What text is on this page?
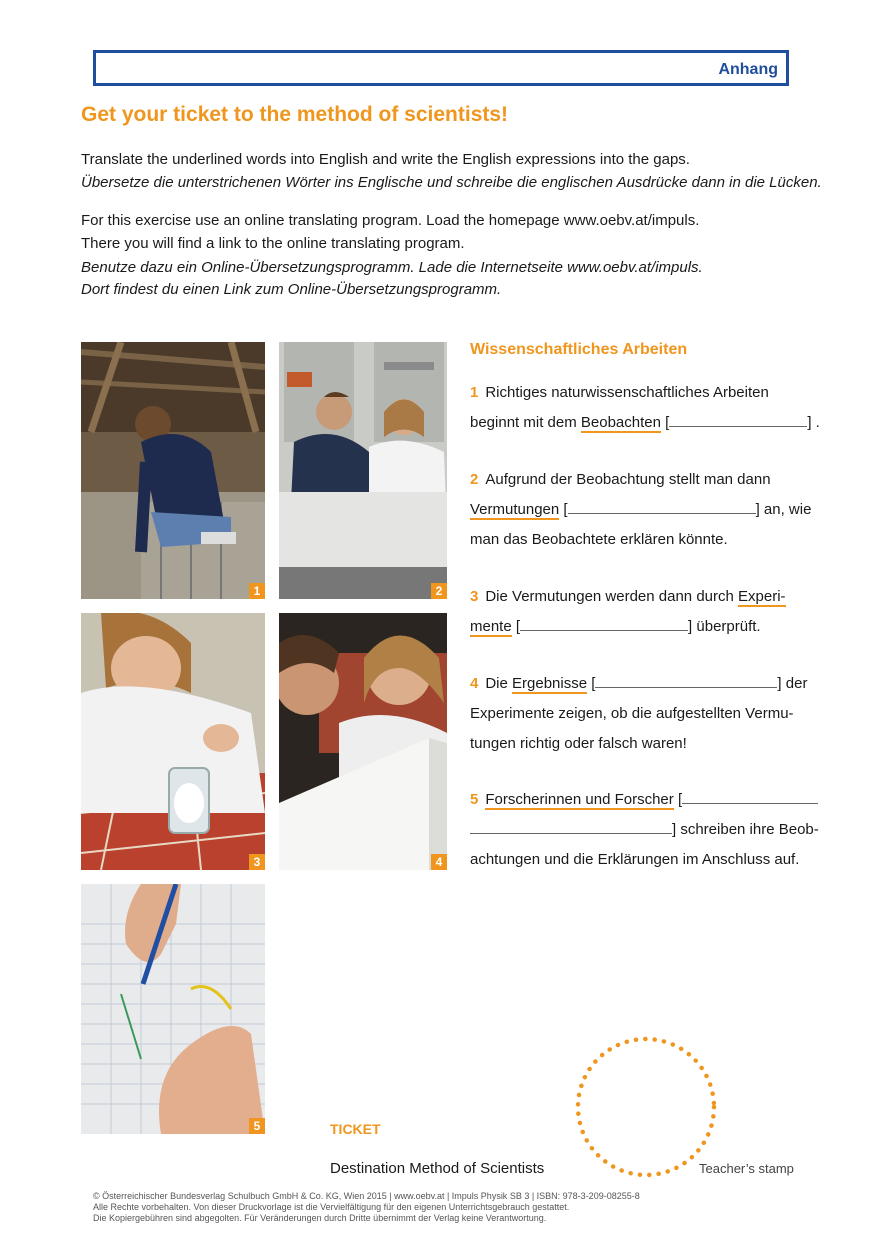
Anhang
Get your ticket to the method of scientists!
Translate the underlined words into English and write the English expressions into the gaps.
Übersetze die unterstrichenen Wörter ins Englische und schreibe die englischen Ausdrücke dann in die Lücken.
For this exercise use an online translating program. Load the homepage www.oebv.at/impuls.
There you will find a link to the online translating program.
Benutze dazu ein Online-Übersetzungsprogramm. Lade die Internetseite www.oebv.at/impuls.
Dort findest du einen Link zum Online-Übersetzungsprogramm.
1	2
3	4
5
Wissenschaftliches Arbeiten
1 Richtiges naturwissenschaftliches Arbeiten
beginnt mit dem Beobachten [	] .
2 Aufgrund der Beobachtung stellt man dann
Vermutungen [	] an, wie
man das Beobachtete erklären könnte.
3 Die Vermutungen werden dann durch Experi-
mente [	] überprüft.
4 Die Ergebnisse [	] der
Experimente zeigen, ob die aufgestellten Vermu-
tungen richtig oder falsch waren!
5 Forscherinnen und Forscher [
] schreiben ihre Beob-
achtungen und die Erklärungen im Anschluss auf.
TICKET
Destination Method of Scientists	Teacher’s stamp
© Österreichischer Bundesverlag Schulbuch GmbH & Co. KG, Wien 2015 | www.oebv.at | Impuls Physik SB 3 | ISBN: 978-3-209-08255-8
Alle Rechte vorbehalten. Von dieser Druckvorlage ist die Vervielfältigung für den eigenen Unterrichtsgebrauch gestattet.
Die Kopiergebühren sind abgegolten. Für Veränderungen durch Dritte übernimmt der Verlag keine Verantwortung.
